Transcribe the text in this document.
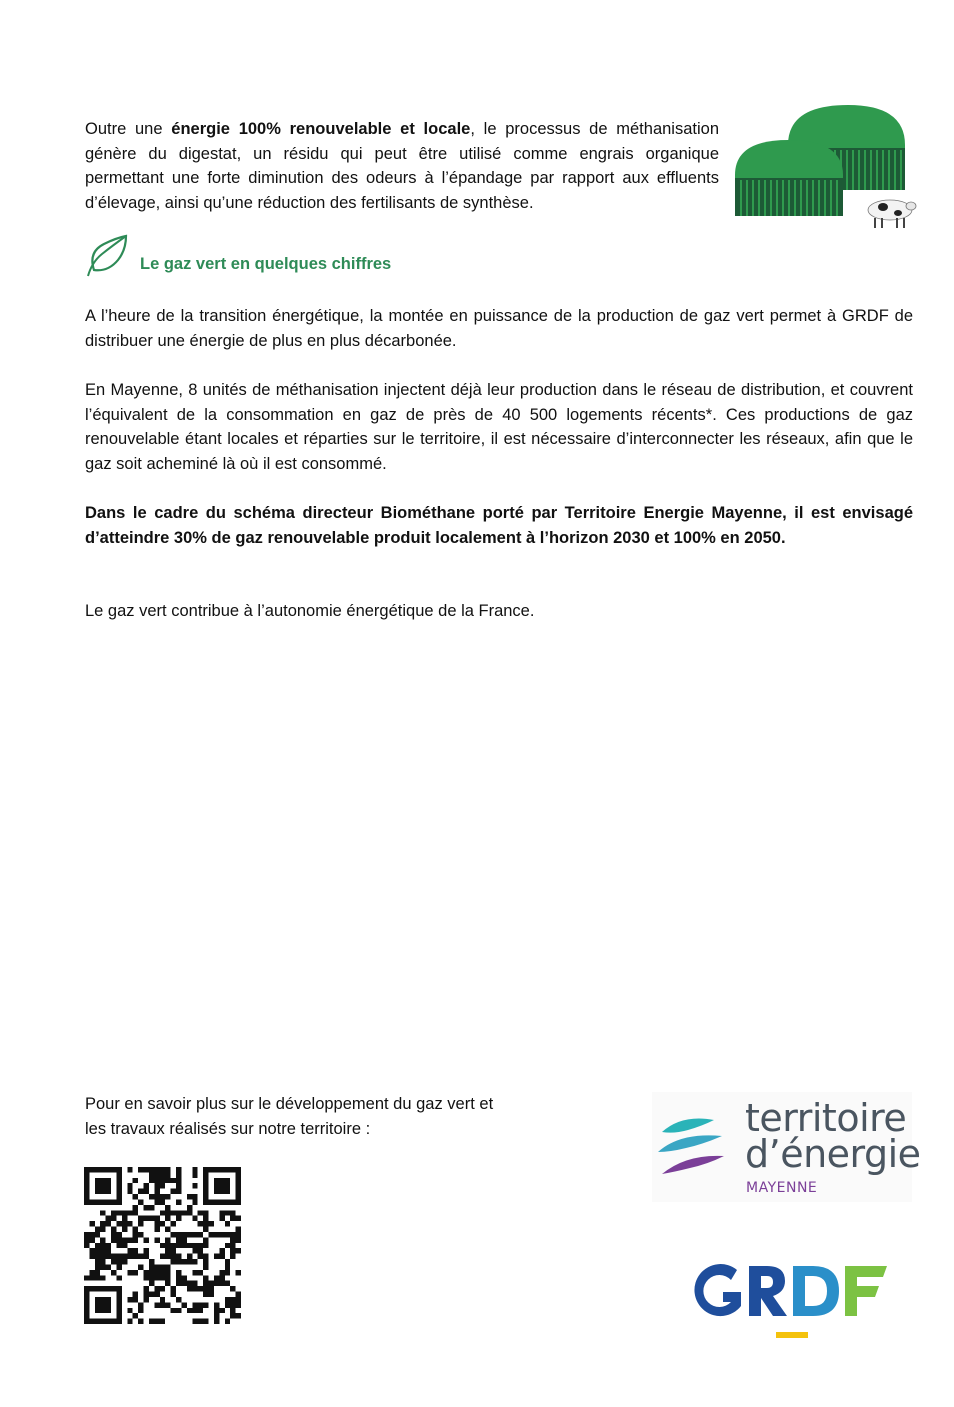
Outre une énergie 100% renouvelable et locale, le processus de méthanisation génère du digestat, un résidu qui peut être utilisé comme engrais organique permettant une forte diminution des odeurs à l’épandage par rapport aux effluents d’élevage, ainsi qu’une réduction des fertilisants de synthèse.

Le gaz vert en quelques chiffres

A l’heure de la transition énergétique, la montée en puissance de la production de gaz vert permet à GRDF de distribuer une énergie de plus en plus décarbonée.

En Mayenne, 8 unités de méthanisation injectent déjà leur production dans le réseau de distribution, et couvrent l’équivalent de la consommation en gaz de près de 40 500 logements récents*. Ces productions de gaz renouvelable étant locales et réparties sur le territoire, il est nécessaire d’interconnecter les réseaux, afin que le gaz soit acheminé là où il est consommé.

Dans le cadre du schéma directeur Biométhane porté par Territoire Energie Mayenne, il est envisagé d’atteindre 30% de gaz renouvelable produit localement à l’horizon 2030 et 100% en 2050.

Le gaz vert contribue à l’autonomie énergétique de la France.

Pour en savoir plus sur le développement du gaz vert et les travaux réalisés sur notre territoire :	territoire
d’énergie
MAYENNE
